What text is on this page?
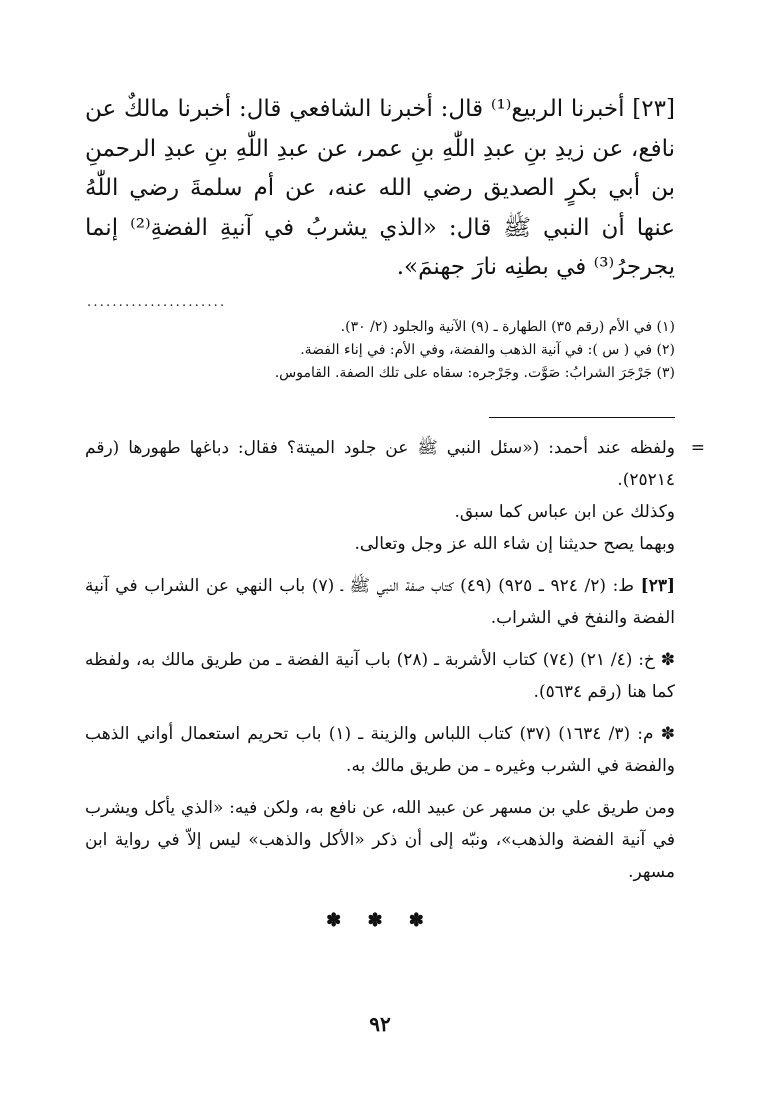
[٢٣] أخبرنا الربيع⁽¹⁾ قال: أخبرنا الشافعي قال: أخبرنا مالكٌ عن نافع، عن زيدِ بنِ عبدِ اللّٰهِ بنِ عمر، عن عبدِ اللّٰهِ بنِ عبدِ الرحمنِ بن أبي بكرٍ الصديق رضي الله عنه، عن أم سلمةَ رضي اللّٰهُ عنها أن النبي ﷺ قال: «الذي يشربُ في آنيةِ الفضةِ⁽²⁾ إنما يجرجرُ⁽³⁾ في بطنِه نارَ جهنمَ».

......................
(١) في الأم (رقم ٣٥) الطهارة ـ (٩) الآنية والجلود (٢/ ٣٠).
(٢) في ( س ): في آنية الذهب والفضة، وفي الأم: في إناء الفضة.
(٣) جَرْجَرَ الشرابُ: صَوَّت. وجَرْجره: سقاه على تلك الصفة. القاموس.
=

ولفظه عند أحمد: («سئل النبي ﷺ عن جلود الميتة؟ فقال: دباغها طهورها (رقم ٢٥٢١٤).

وكذلك عن ابن عباس كما سبق.

وبهما يصح حديثنا إن شاء الله عز وجل وتعالى.

[٢٣] ط: (٢/ ٩٢٤ ـ ٩٢٥) (٤٩) كتاب صفة النبي ﷺ ـ (٧) باب النهي عن الشراب في آنية الفضة والنفخ في الشراب.

✽ خ: (٤/ ٢١) (٧٤) كتاب الأشربة ـ (٢٨) باب آنية الفضة ـ من طريق مالك به، ولفظه كما هنا (رقم ٥٦٣٤).

✽ م: (٣/ ١٦٣٤) (٣٧) كتاب اللباس والزينة ـ (١) باب تحريم استعمال أواني الذهب والفضة في الشرب وغيره ـ من طريق مالك به.

ومن طريق علي بن مسهر عن عبيد الله، عن نافع به، ولكن فيه: «الذي يأكل ويشرب في آنية الفضة والذهب»، ونبّه إلى أن ذكر «الأكل والذهب» ليس إلاّ في رواية ابن مسهر.

✽ ✽ ✽
٩٢
